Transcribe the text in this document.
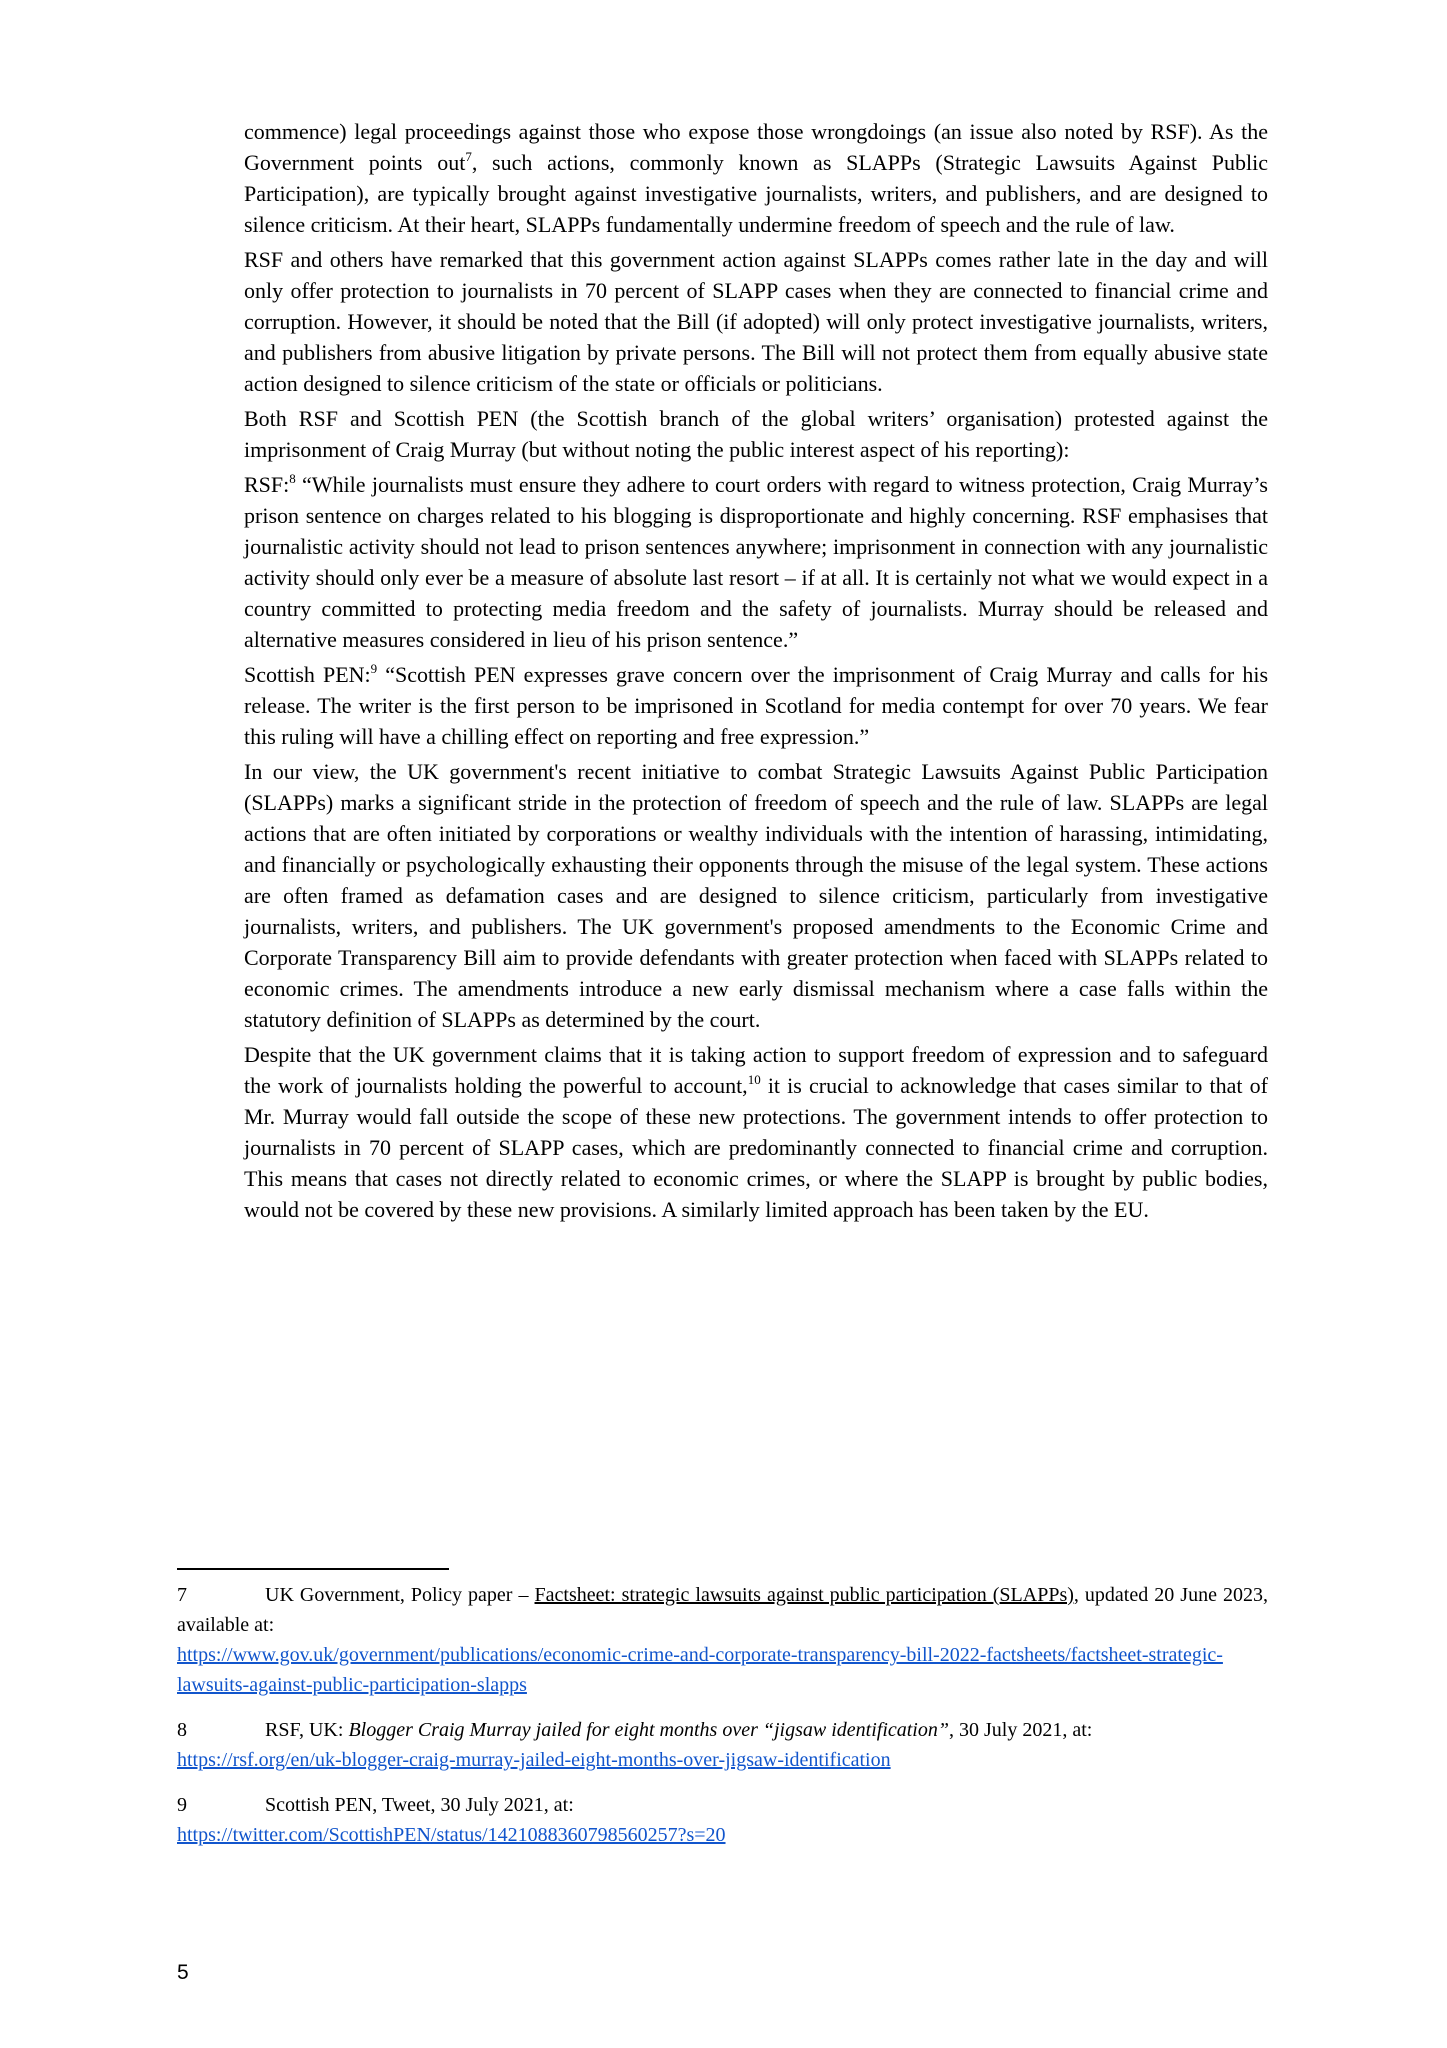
commence) legal proceedings against those who expose those wrongdoings (an issue also noted by RSF). As the Government points out$^7$, such actions, commonly known as SLAPPs (Strategic Lawsuits Against Public Participation), are typically brought against investigative journalists, writers, and publishers, and are designed to silence criticism. At their heart, SLAPPs fundamentally undermine freedom of speech and the rule of law.

RSF and others have remarked that this government action against SLAPPs comes rather late in the day and will only offer protection to journalists in 70 percent of SLAPP cases when they are connected to financial crime and corruption. However, it should be noted that the Bill (if adopted) will only protect investigative journalists, writers, and publishers from abusive litigation by private persons. The Bill will not protect them from equally abusive state action designed to silence criticism of the state or officials or politicians.

Both RSF and Scottish PEN (the Scottish branch of the global writers’ organisation) protested against the imprisonment of Craig Murray (but without noting the public interest aspect of his reporting):

RSF:$^8$ “While journalists must ensure they adhere to court orders with regard to witness protection, Craig Murray’s prison sentence on charges related to his blogging is disproportionate and highly concerning. RSF emphasises that journalistic activity should not lead to prison sentences anywhere; imprisonment in connection with any journalistic activity should only ever be a measure of absolute last resort – if at all. It is certainly not what we would expect in a country committed to protecting media freedom and the safety of journalists. Murray should be released and alternative measures considered in lieu of his prison sentence.”

Scottish PEN:$^9$ “Scottish PEN expresses grave concern over the imprisonment of Craig Murray and calls for his release. The writer is the first person to be imprisoned in Scotland for media contempt for over 70 years. We fear this ruling will have a chilling effect on reporting and free expression.”

In our view, the UK government's recent initiative to combat Strategic Lawsuits Against Public Participation (SLAPPs) marks a significant stride in the protection of freedom of speech and the rule of law. SLAPPs are legal actions that are often initiated by corporations or wealthy individuals with the intention of harassing, intimidating, and financially or psychologically exhausting their opponents through the misuse of the legal system. These actions are often framed as defamation cases and are designed to silence criticism, particularly from investigative journalists, writers, and publishers. The UK government's proposed amendments to the Economic Crime and Corporate Transparency Bill aim to provide defendants with greater protection when faced with SLAPPs related to economic crimes. The amendments introduce a new early dismissal mechanism where a case falls within the statutory definition of SLAPPs as determined by the court.

Despite that the UK government claims that it is taking action to support freedom of expression and to safeguard the work of journalists holding the powerful to account,$^{10}$ it is crucial to acknowledge that cases similar to that of Mr. Murray would fall outside the scope of these new protections. The government intends to offer protection to journalists in 70 percent of SLAPP cases, which are predominantly connected to financial crime and corruption. This means that cases not directly related to economic crimes, or where the SLAPP is brought by public bodies, would not be covered by these new provisions. A similarly limited approach has been taken by the EU.

7	UK Government, Policy paper – Factsheet: strategic lawsuits against public participation (SLAPPs), updated 20 June 2023, available at:
https://www.gov.uk/government/publications/economic-crime-and-corporate-transparency-bill-2022-factsheets/factsheet-strategic-lawsuits-against-public-participation-slapps

8	RSF, UK: Blogger Craig Murray jailed for eight months over “jigsaw identification”, 30 July 2021, at:
https://rsf.org/en/uk-blogger-craig-murray-jailed-eight-months-over-jigsaw-identification

9	Scottish PEN, Tweet, 30 July 2021, at:
https://twitter.com/ScottishPEN/status/1421088360798560257?s=20

5
